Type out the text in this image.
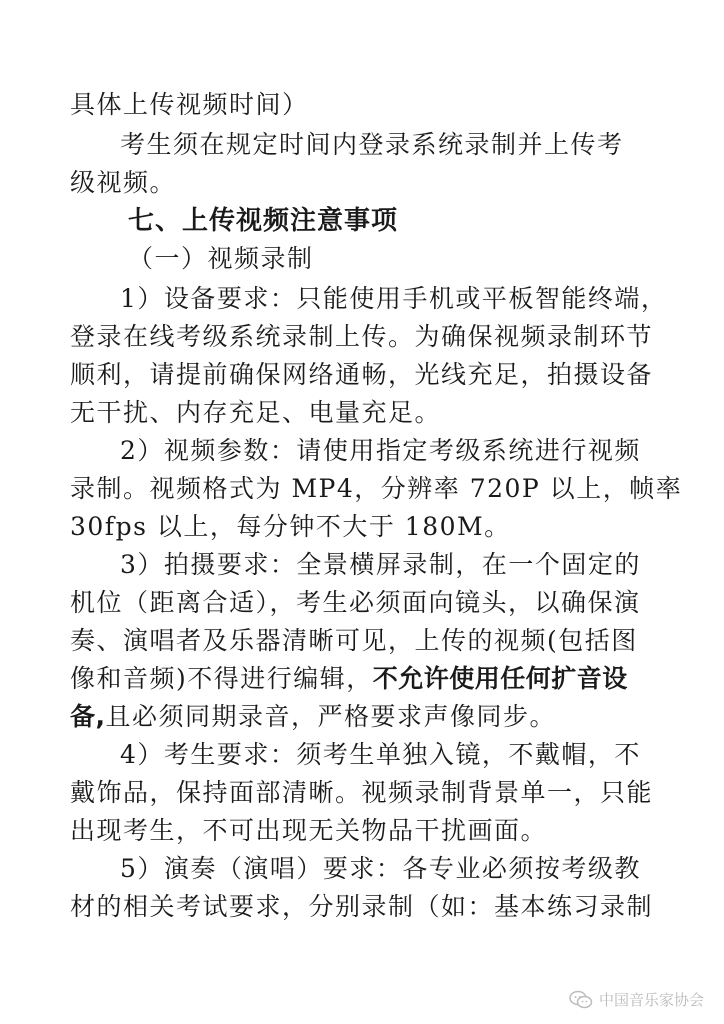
具体上传视频时间）
考生须在规定时间内登录系统录制并上传考
级视频。
七、上传视频注意事项
（一）视频录制
1）设备要求：只能使用手机或平板智能终端，
登录在线考级系统录制上传。为确保视频录制环节
顺利，请提前确保网络通畅，光线充足，拍摄设备
无干扰、内存充足、电量充足。
2）视频参数：请使用指定考级系统进行视频
录制。视频格式为 MP4，分辨率 720P 以上，帧率
30fps 以上，每分钟不大于 180M。
3）拍摄要求：全景横屏录制，在一个固定的
机位（距离合适），考生必须面向镜头，以确保演
奏、演唱者及乐器清晰可见，上传的视频(包括图
像和音频)不得进行编辑，不允许使用任何扩音设
备,且必须同期录音，严格要求声像同步。
4）考生要求：须考生单独入镜，不戴帽，不
戴饰品，保持面部清晰。视频录制背景单一，只能
出现考生，不可出现无关物品干扰画面。
5）演奏（演唱）要求：各专业必须按考级教
材的相关考试要求，分别录制（如：基本练习录制
中国音乐家协会
